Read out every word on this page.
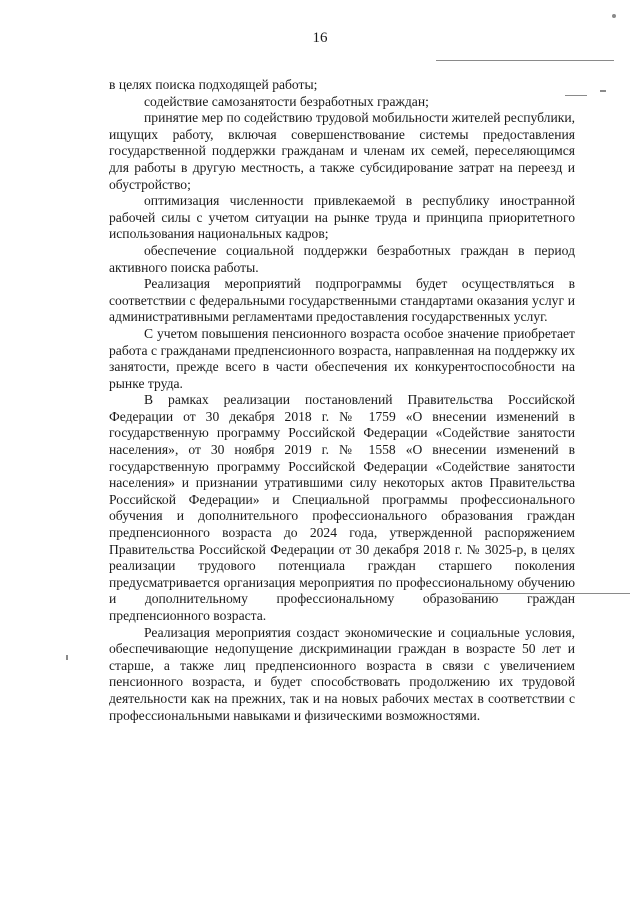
16

в целях поиска подходящей работы;

содействие самозанятости безработных граждан;

принятие мер по содействию трудовой мобильности жителей республики, ищущих работу, включая совершенствование системы предоставления государственной поддержки гражданам и членам их семей, переселяющимся для работы в другую местность, а также субсидирование затрат на переезд и обустройство;

оптимизация численности привлекаемой в республику иностранной рабочей силы с учетом ситуации на рынке труда и принципа приоритетного использования национальных кадров;

обеспечение социальной поддержки безработных граждан в период активного поиска работы.

Реализация мероприятий подпрограммы будет осуществляться в соответствии с федеральными государственными стандартами оказания услуг и административными регламентами предоставления государственных услуг.

С учетом повышения пенсионного возраста особое значение приобретает работа с гражданами предпенсионного возраста, направленная на поддержку их занятости, прежде всего в части обеспечения их конкурентоспособности на рынке труда.

В рамках реализации постановлений Правительства Российской Федерации от 30 декабря 2018 г. № 1759 «О внесении изменений в государственную программу Российской Федерации «Содействие занятости населения», от 30 ноября 2019 г. № 1558 «О внесении изменений в государственную программу Российской Федерации «Содействие занятости населения» и признании утратившими силу некоторых актов Правительства Российской Федерации» и Специальной программы профессионального обучения и дополнительного профессионального образования граждан предпенсионного возраста до 2024 года, утвержденной распоряжением Правительства Российской Федерации от 30 декабря 2018 г. № 3025-р, в целях реализации трудового потенциала граждан старшего поколения предусматривается организация мероприятия по профессиональному обучению и дополнительному профессиональному образованию граждан предпенсионного возраста.

Реализация мероприятия создаст экономические и социальные условия, обеспечивающие недопущение дискриминации граждан в возрасте 50 лет и старше, а также лиц предпенсионного возраста в связи с увеличением пенсионного возраста, и будет способствовать продолжению их трудовой деятельности как на прежних, так и на новых рабочих местах в соответствии с профессиональными навыками и физическими возможностями.
